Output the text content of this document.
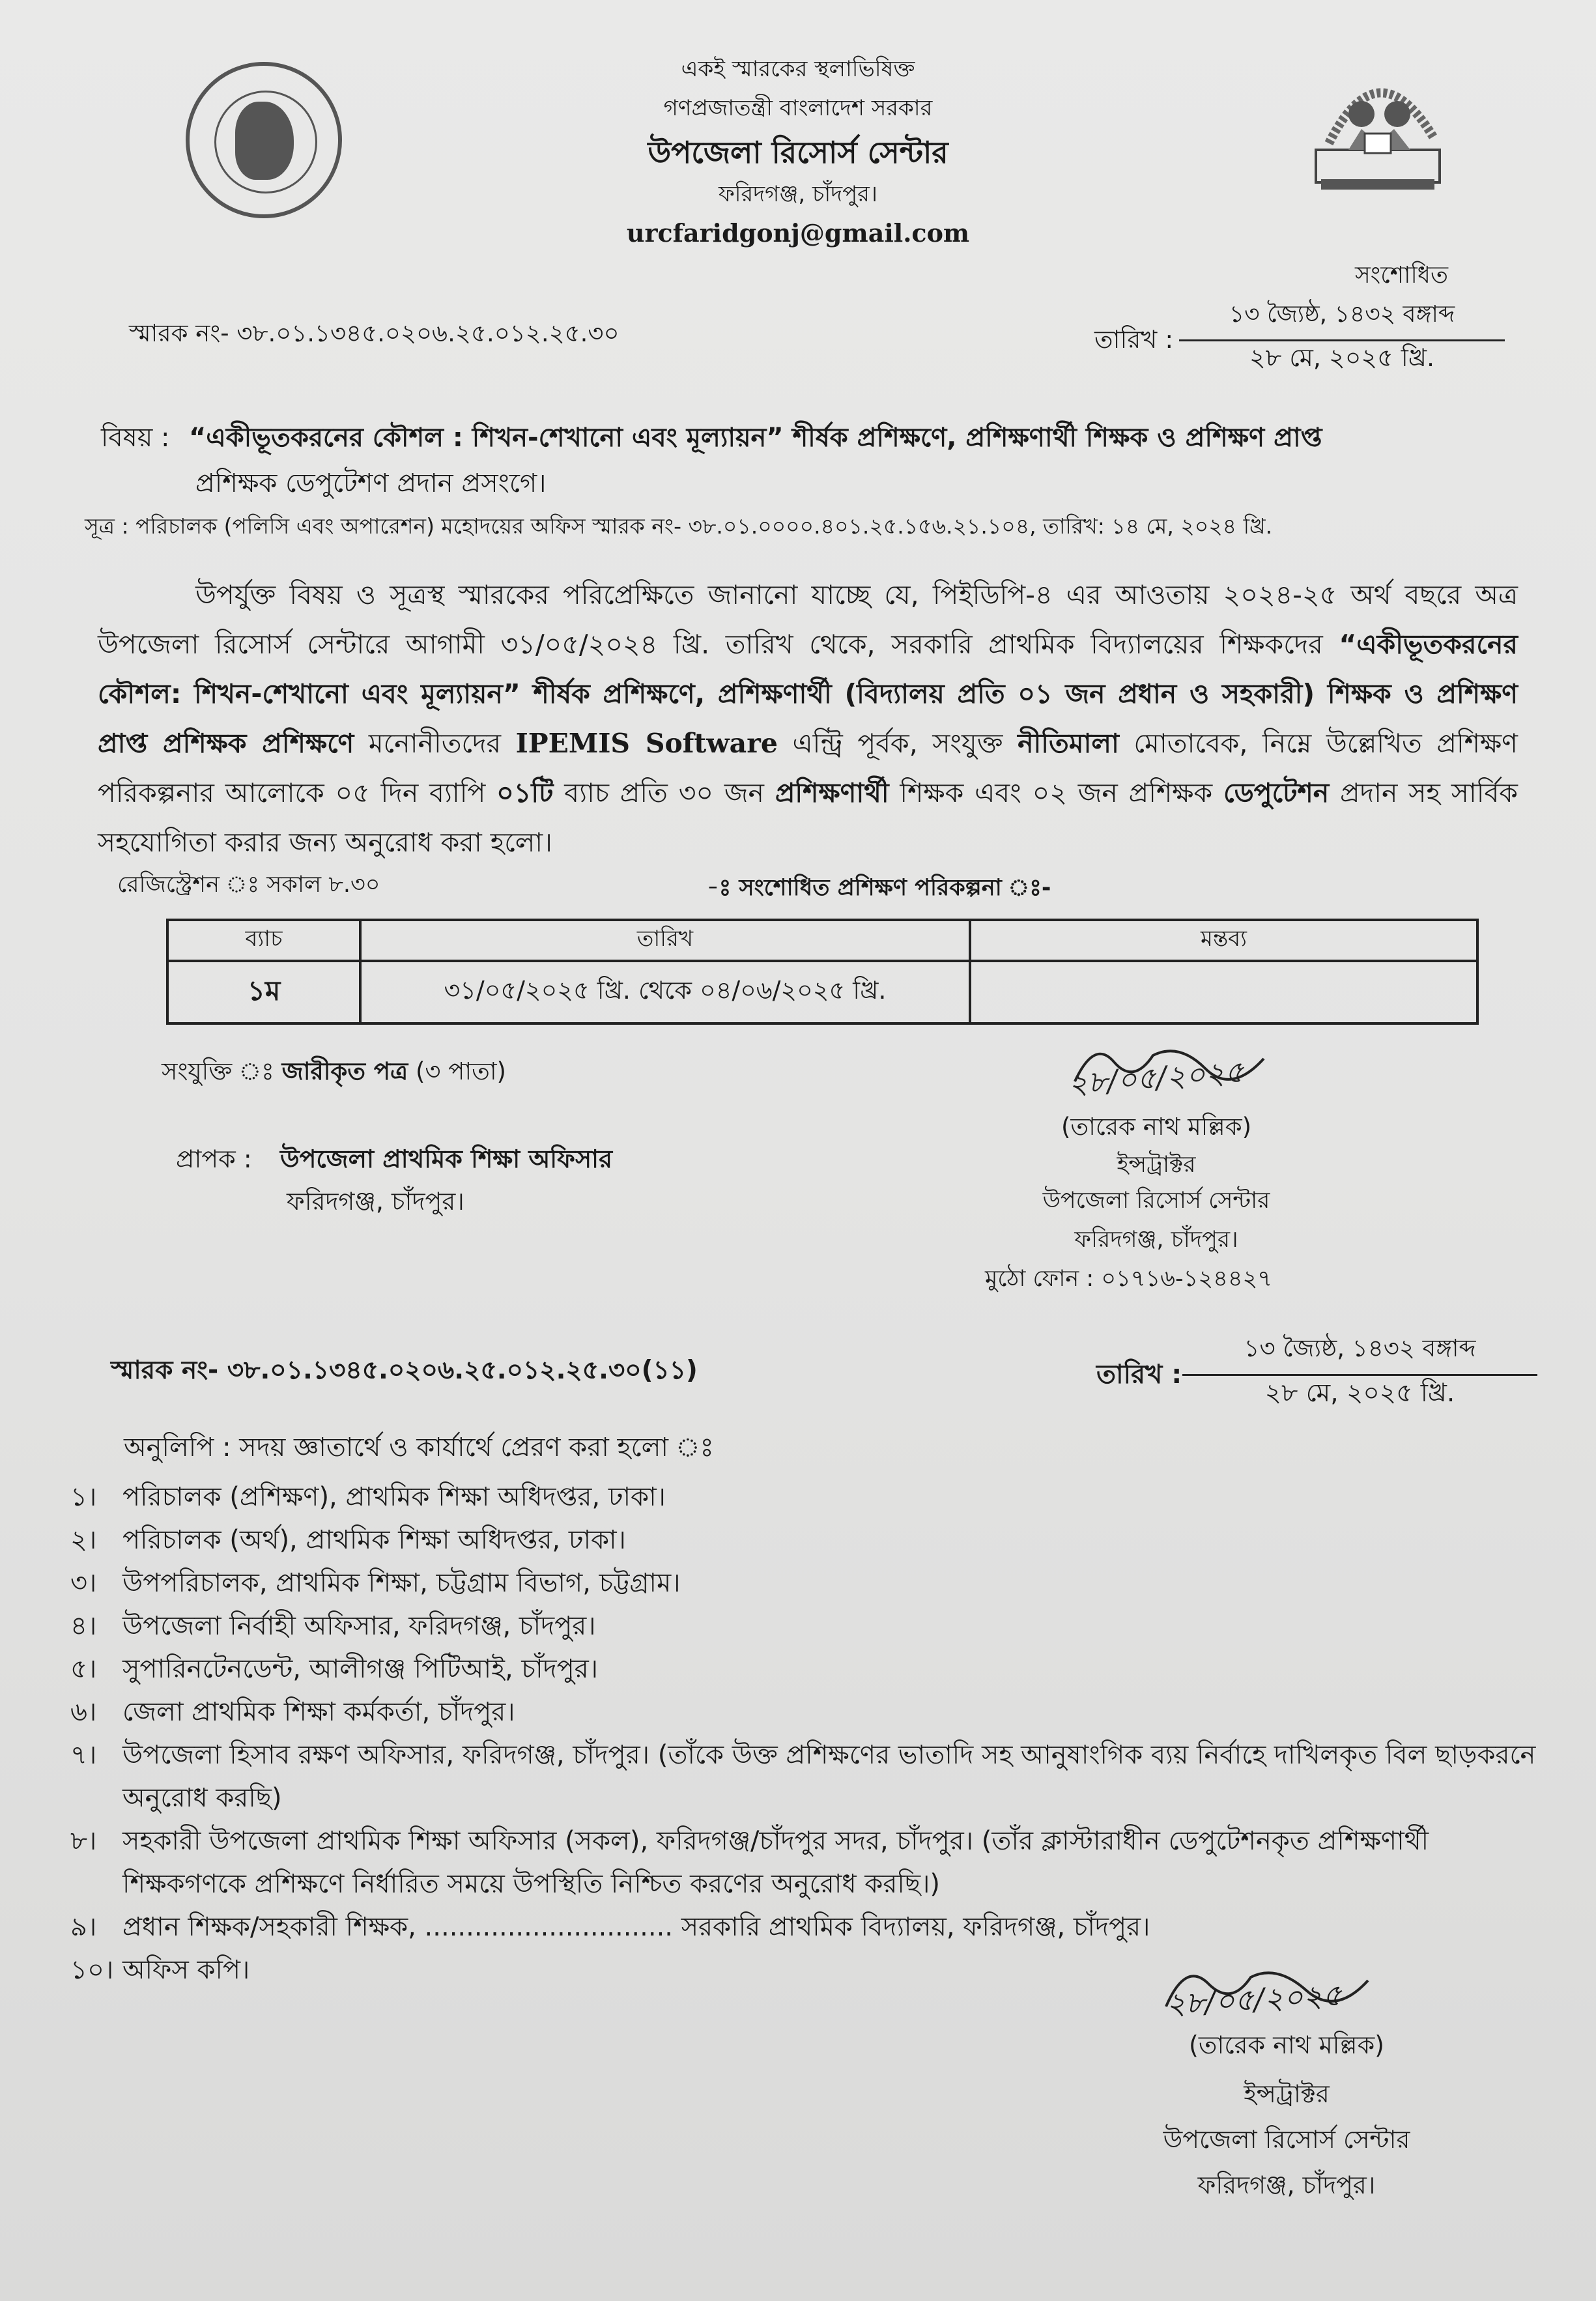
একই স্মারকের স্থলাভিষিক্ত
গণপ্রজাতন্ত্রী বাংলাদেশ সরকার
উপজেলা রিসোর্স সেন্টার
ফরিদগঞ্জ, চাঁদপুর।
urcfaridgonj@gmail.com
সংশোধিত
স্মারক নং- ৩৮.০১.১৩৪৫.০২০৬.২৫.০১২.২৫.৩০	তারিখ :
১৩ জ্যৈষ্ঠ, ১৪৩২ বঙ্গাব্দ
২৮ মে, ২০২৫ খ্রি.
বিষয় : “একীভূতকরনের কৌশল : শিখন-শেখানো এবং মূল্যায়ন” শীর্ষক প্রশিক্ষণে, প্রশিক্ষণার্থী শিক্ষক ও প্রশিক্ষণ প্রাপ্ত
প্রশিক্ষক ডেপুটেশণ প্রদান প্রসংগে।
সূত্র : পরিচালক (পলিসি এবং অপারেশন) মহোদয়ের অফিস স্মারক নং- ৩৮.০১.০০০০.৪০১.২৫.১৫৬.২১.১০৪, তারিখ: ১৪ মে, ২০২৪ খ্রি.
উপর্যুক্ত বিষয় ও সূত্রস্থ স্মারকের পরিপ্রেক্ষিতে জানানো যাচ্ছে যে, পিইডিপি-৪ এর আওতায় ২০২৪-২৫ অর্থ বছরে অত্র উপজেলা রিসোর্স সেন্টারে আগামী ৩১/০৫/২০২৪ খ্রি. তারিখ থেকে, সরকারি প্রাথমিক বিদ্যালয়ের শিক্ষকদের “একীভূতকরনের কৌশল: শিখন-শেখানো এবং মূল্যায়ন” শীর্ষক প্রশিক্ষণে, প্রশিক্ষণার্থী (বিদ্যালয় প্রতি ০১ জন প্রধান ও সহকারী) শিক্ষক ও প্রশিক্ষণ প্রাপ্ত প্রশিক্ষক প্রশিক্ষণে মনোনীতদের IPEMIS Software এন্ট্রি পূর্বক, সংযুক্ত নীতিমালা মোতাবেক, নিম্নে উল্লেখিত প্রশিক্ষণ পরিকল্পনার আলোকে ০৫ দিন ব্যাপি ০১টি ব্যাচ প্রতি ৩০ জন প্রশিক্ষণার্থী শিক্ষক এবং ০২ জন প্রশিক্ষক ডেপুটেশন প্রদান সহ সার্বিক সহযোগিতা করার জন্য অনুরোধ করা হলো।
রেজিস্ট্রেশন ঃ সকাল ৮.৩০	-ঃ সংশোধিত প্রশিক্ষণ পরিকল্পনা ঃ-
ব্যাচ	তারিখ	মন্তব্য
১ম	৩১/০৫/২০২৫ খ্রি. থেকে ০৪/০৬/২০২৫ খ্রি.	
সংযুক্তি ঃ জারীকৃত পত্র (৩ পাতা)	২৮/০৫/২০২৫
(তারেক নাথ মল্লিক)
ইন্সট্রাক্টর
উপজেলা রিসোর্স সেন্টার
ফরিদগঞ্জ, চাঁদপুর।
মুঠো ফোন : ০১৭১৬-১২৪৪২৭
প্রাপক : উপজেলা প্রাথমিক শিক্ষা অফিসার
ফরিদগঞ্জ, চাঁদপুর।
স্মারক নং- ৩৮.০১.১৩৪৫.০২০৬.২৫.০১২.২৫.৩০(১১)	তারিখ :
১৩ জ্যৈষ্ঠ, ১৪৩২ বঙ্গাব্দ
২৮ মে, ২০২৫ খ্রি.
অনুলিপি : সদয় জ্ঞাতার্থে ও কার্যার্থে প্রেরণ করা হলো ঃ
১। পরিচালক (প্রশিক্ষণ), প্রাথমিক শিক্ষা অধিদপ্তর, ঢাকা।
২। পরিচালক (অর্থ), প্রাথমিক শিক্ষা অধিদপ্তর, ঢাকা।
৩। উপপরিচালক, প্রাথমিক শিক্ষা, চট্টগ্রাম বিভাগ, চট্টগ্রাম।
৪। উপজেলা নির্বাহী অফিসার, ফরিদগঞ্জ, চাঁদপুর।
৫। সুপারিনটেনডেন্ট, আলীগঞ্জ পিটিআই, চাঁদপুর।
৬। জেলা প্রাথমিক শিক্ষা কর্মকর্তা, চাঁদপুর।
৭। উপজেলা হিসাব রক্ষণ অফিসার, ফরিদগঞ্জ, চাঁদপুর। (তাঁকে উক্ত প্রশিক্ষণের ভাতাদি সহ আনুষাংগিক ব্যয় নির্বাহে দাখিলকৃত বিল ছাড়করনে অনুরোধ করছি)
৮। সহকারী উপজেলা প্রাথমিক শিক্ষা অফিসার (সকল), ফরিদগঞ্জ/চাঁদপুর সদর, চাঁদপুর। (তাঁর ক্লাস্টারাধীন ডেপুটেশনকৃত প্রশিক্ষণার্থী শিক্ষকগণকে প্রশিক্ষণে নির্ধারিত সময়ে উপস্থিতি নিশ্চিত করণের অনুরোধ করছি।)
৯। প্রধান শিক্ষক/সহকারী শিক্ষক, .............................. সরকারি প্রাথমিক বিদ্যালয়, ফরিদগঞ্জ, চাঁদপুর।
১০। অফিস কপি।
২৮/০৫/২০২৫
(তারেক নাথ মল্লিক)
ইন্সট্রাক্টর
উপজেলা রিসোর্স সেন্টার
ফরিদগঞ্জ, চাঁদপুর।
